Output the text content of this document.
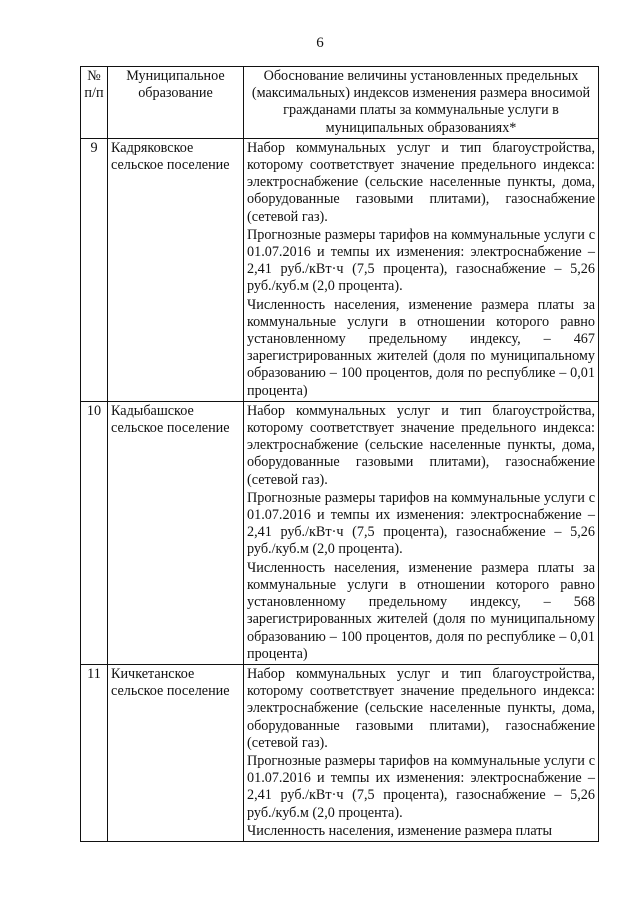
6
№ п/п	Муниципальное образование	Обоснование величины установленных предельных (максимальных) индексов изменения размера вносимой гражданами платы за коммунальные услуги в муниципальных образованиях*
9	Кадряковское сельское поселение	Набор коммунальных услуг и тип благоустройства, которому соответствует значение предельного индекса: электроснабжение (сельские населенные пункты, дома, оборудованные газовыми плитами), газоснабжение (сетевой газ).

Прогнозные размеры тарифов на коммунальные услуги с 01.07.2016 и темпы их изменения: электроснабжение – 2,41 руб./кВт·ч (7,5 процента), газоснабжение – 5,26 руб./куб.м (2,0 процента).

Численность населения, изменение размера платы за коммунальные услуги в отношении которого равно установленному предельному индексу, – 467 зарегистрированных жителей (доля по муниципальному образованию – 100 процентов, доля по республике – 0,01 процента)

10	Кадыбашское сельское поселение	Набор коммунальных услуг и тип благоустройства, которому соответствует значение предельного индекса: электроснабжение (сельские населенные пункты, дома, оборудованные газовыми плитами), газоснабжение (сетевой газ).

Прогнозные размеры тарифов на коммунальные услуги с 01.07.2016 и темпы их изменения: электроснабжение – 2,41 руб./кВт·ч (7,5 процента), газоснабжение – 5,26 руб./куб.м (2,0 процента).

Численность населения, изменение размера платы за коммунальные услуги в отношении которого равно установленному предельному индексу, – 568 зарегистрированных жителей (доля по муниципальному образованию – 100 процентов, доля по республике – 0,01 процента)

11	Кичкетанское сельское поселение	Набор коммунальных услуг и тип благоустройства, которому соответствует значение предельного индекса: электроснабжение (сельские населенные пункты, дома, оборудованные газовыми плитами), газоснабжение (сетевой газ).

Прогнозные размеры тарифов на коммунальные услуги с 01.07.2016 и темпы их изменения: электроснабжение – 2,41 руб./кВт·ч (7,5 процента), газоснабжение – 5,26 руб./куб.м (2,0 процента).

Численность населения, изменение размера платы
